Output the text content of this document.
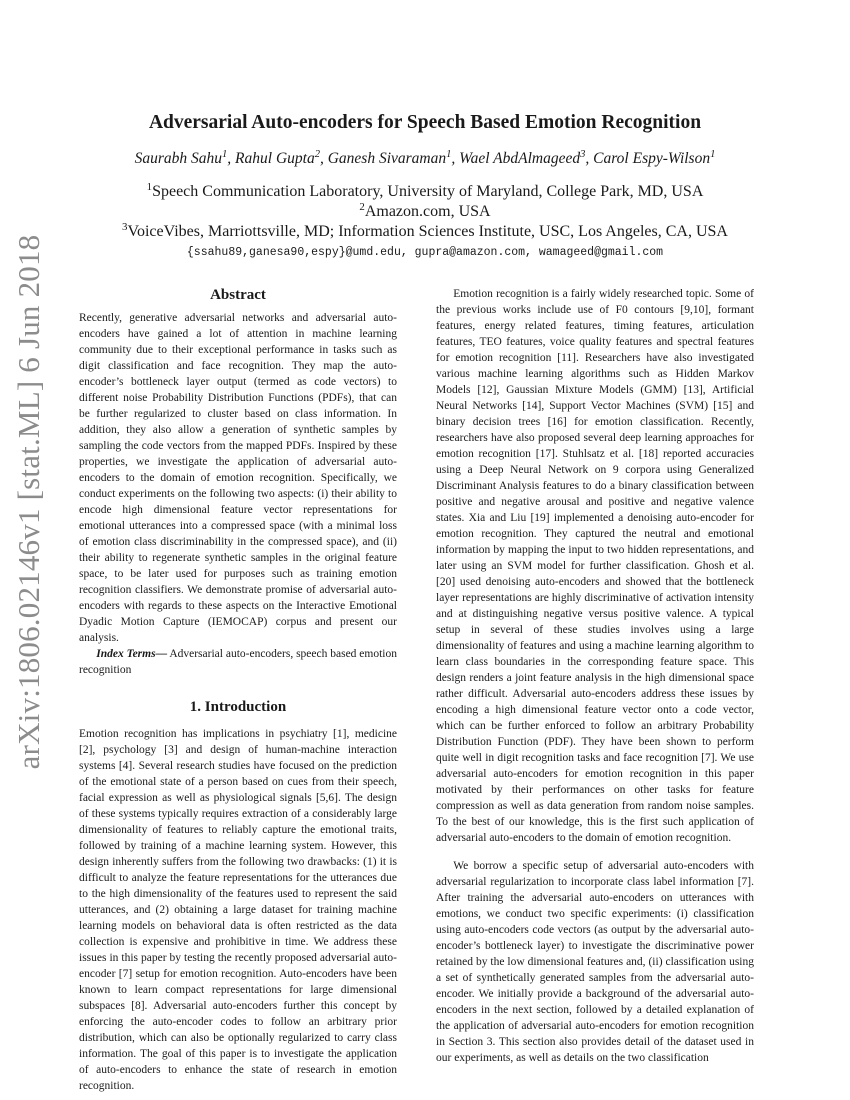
arXiv:1806.02146v1 [stat.ML] 6 Jun 2018
Adversarial Auto-encoders for Speech Based Emotion Recognition
Saurabh Sahu$^1$, Rahul Gupta$^2$, Ganesh Sivaraman$^1$, Wael AbdAlmageed$^3$, Carol Espy-Wilson$^1$
$^1$Speech Communication Laboratory, University of Maryland, College Park, MD, USA
$^2$Amazon.com, USA
$^3$VoiceVibes, Marriottsville, MD; Information Sciences Institute, USC, Los Angeles, CA, USA
{ssahu89,ganesa90,espy}@umd.edu, gupra@amazon.com, wamageed@gmail.com
Abstract

Recently, generative adversarial networks and adversarial auto-encoders have gained a lot of attention in machine learning community due to their exceptional performance in tasks such as digit classification and face recognition. They map the auto-encoder’s bottleneck layer output (termed as code vectors) to different noise Probability Distribution Functions (PDFs), that can be further regularized to cluster based on class information. In addition, they also allow a generation of synthetic samples by sampling the code vectors from the mapped PDFs. Inspired by these properties, we investigate the application of adversarial auto-encoders to the domain of emotion recognition. Specifically, we conduct experiments on the following two aspects: (i) their ability to encode high dimensional feature vector representations for emotional utterances into a compressed space (with a minimal loss of emotion class discriminability in the compressed space), and (ii) their ability to regenerate synthetic samples in the original feature space, to be later used for purposes such as training emotion recognition classifiers. We demonstrate promise of adversarial auto-encoders with regards to these aspects on the Interactive Emotional Dyadic Motion Capture (IEMOCAP) corpus and present our analysis.

Index Terms— Adversarial auto-encoders, speech based emotion recognition

1. Introduction

Emotion recognition has implications in psychiatry [1], medicine [2], psychology [3] and design of human-machine interaction systems [4]. Several research studies have focused on the prediction of the emotional state of a person based on cues from their speech, facial expression as well as physiological signals [5,6]. The design of these systems typically requires extraction of a considerably large dimensionality of features to reliably capture the emotional traits, followed by training of a machine learning system. However, this design inherently suffers from the following two drawbacks: (1) it is difficult to analyze the feature representations for the utterances due to the high dimensionality of the features used to represent the said utterances, and (2) obtaining a large dataset for training machine learning models on behavioral data is often restricted as the data collection is expensive and prohibitive in time. We address these issues in this paper by testing the recently proposed adversarial auto-encoder [7] setup for emotion recognition. Auto-encoders have been known to learn compact representations for large dimensional subspaces [8]. Adversarial auto-encoders further this concept by enforcing the auto-encoder codes to follow an arbitrary prior distribution, which can also be optionally regularized to carry class information. The goal of this paper is to investigate the application of auto-encoders to enhance the state of research in emotion recognition.

Emotion recognition is a fairly widely researched topic. Some of the previous works include use of F0 contours [9,10], formant features, energy related features, timing features, articulation features, TEO features, voice quality features and spectral features for emotion recognition [11]. Researchers have also investigated various machine learning algorithms such as Hidden Markov Models [12], Gaussian Mixture Models (GMM) [13], Artificial Neural Networks [14], Support Vector Machines (SVM) [15] and binary decision trees [16] for emotion classification. Recently, researchers have also proposed several deep learning approaches for emotion recognition [17]. Stuhlsatz et al. [18] reported accuracies using a Deep Neural Network on 9 corpora using Generalized Discriminant Analysis features to do a binary classification between positive and negative arousal and positive and negative valence states. Xia and Liu [19] implemented a denoising auto-encoder for emotion recognition. They captured the neutral and emotional information by mapping the input to two hidden representations, and later using an SVM model for further classification. Ghosh et al. [20] used denoising auto-encoders and showed that the bottleneck layer representations are highly discriminative of activation intensity and at distinguishing negative versus positive valence. A typical setup in several of these studies involves using a large dimensionality of features and using a machine learning algorithm to learn class boundaries in the corresponding feature space. This design renders a joint feature analysis in the high dimensional space rather difficult. Adversarial auto-encoders address these issues by encoding a high dimensional feature vector onto a code vector, which can be further enforced to follow an arbitrary Probability Distribution Function (PDF). They have been shown to perform quite well in digit recognition tasks and face recognition [7]. We use adversarial auto-encoders for emotion recognition in this paper motivated by their performances on other tasks for feature compression as well as data generation from random noise samples. To the best of our knowledge, this is the first such application of adversarial auto-encoders to the domain of emotion recognition.

We borrow a specific setup of adversarial auto-encoders with adversarial regularization to incorporate class label information [7]. After training the adversarial auto-encoders on utterances with emotions, we conduct two specific experiments: (i) classification using auto-encoders code vectors (as output by the adversarial auto-encoder’s bottleneck layer) to investigate the discriminative power retained by the low dimensional features and, (ii) classification using a set of synthetically generated samples from the adversarial auto-encoder. We initially provide a background of the adversarial auto-encoders in the next section, followed by a detailed explanation of the application of adversarial auto-encoders for emotion recognition in Section 3. This section also provides detail of the dataset used in our experiments, as well as details on the two classification
